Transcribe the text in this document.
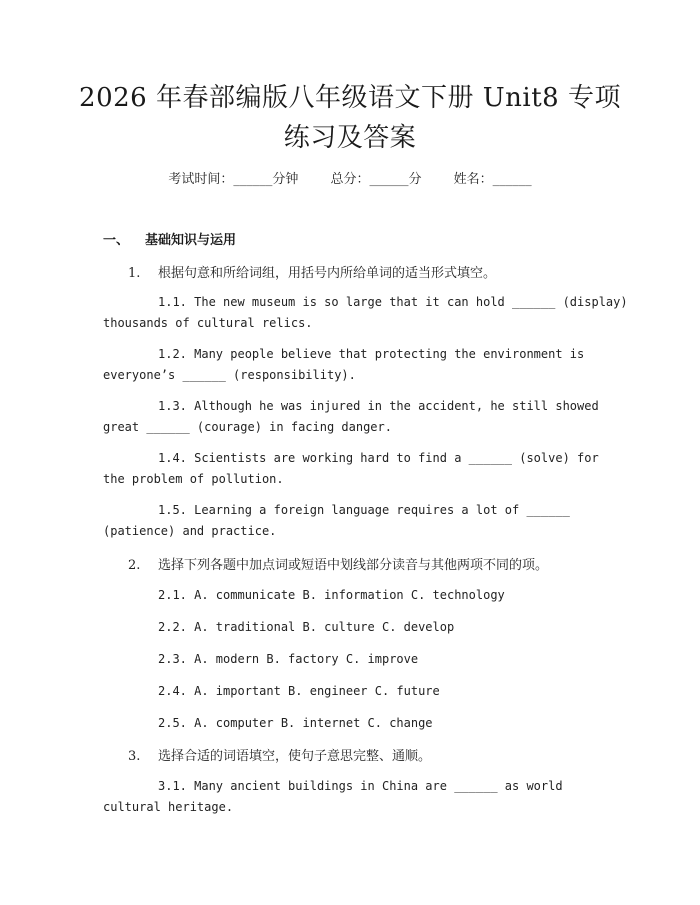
2026 年春部编版八年级语文下册 Unit8 专项
练习及答案
考试时间：______分钟 总分：______分 姓名：______
一、 基础知识与运用
1. 根据句意和所给词组，用括号内所给单词的适当形式填空。
1.1. The new museum is so large that it can hold ______ (display)
thousands of cultural relics.
1.2. Many people believe that protecting the environment is
everyone’s ______ (responsibility).
1.3. Although he was injured in the accident, he still showed
great ______ (courage) in facing danger.
1.4. Scientists are working hard to find a ______ (solve) for
the problem of pollution.
1.5. Learning a foreign language requires a lot of ______
(patience) and practice.
2. 选择下列各题中加点词或短语中划线部分读音与其他两项不同的项。
2.1. A. communicate B. information C. technology
2.2. A. traditional B. culture C. develop
2.3. A. modern B. factory C. improve
2.4. A. important B. engineer C. future
2.5. A. computer B. internet C. change
3. 选择合适的词语填空，使句子意思完整、通顺。
3.1. Many ancient buildings in China are ______ as world
cultural heritage.
